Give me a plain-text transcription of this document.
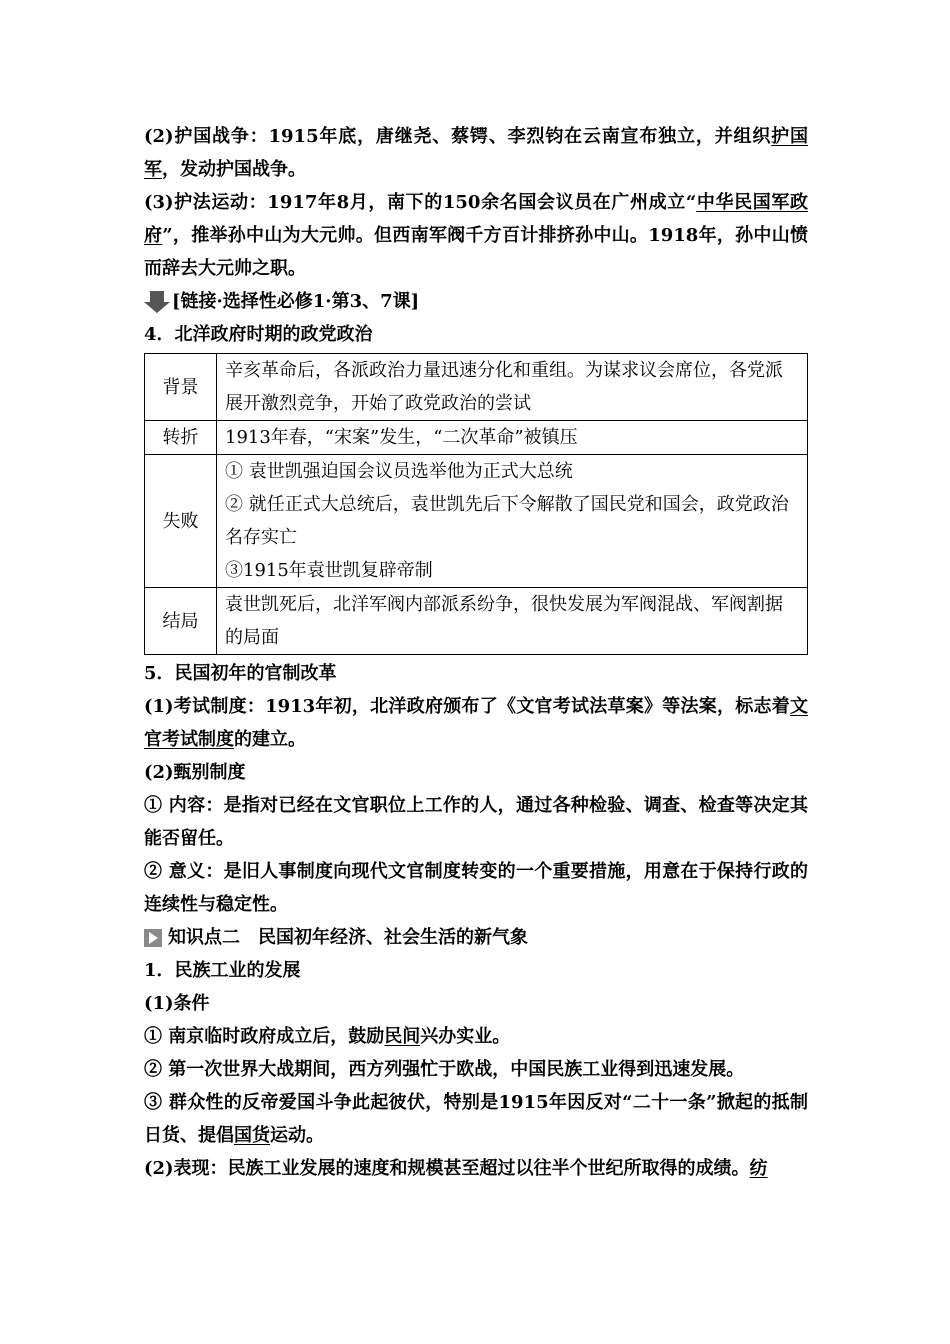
(2)护国战争：1915年底，唐继尧、蔡锷、李烈钧在云南宣布独立，并组织护国军，发动护国战争。

(3)护法运动：1917年8月，南下的150余名国会议员在广州成立“中华民国军政府”，推举孙中山为大元帅。但西南军阀千方百计排挤孙中山。1918年，孙中山愤而辞去大元帅之职。

[链接·选择性必修1·第3、7课]

4．北洋政府时期的政党政治

背景	辛亥革命后，各派政治力量迅速分化和重组。为谋求议会席位，各党派展开激烈竞争，开始了政党政治的尝试

转折	1913年春，“宋案”发生，“二次革命”被镇压

失败	① 袁世凯强迫国会议员选举他为正式大总统
② 就任正式大总统后，袁世凯先后下令解散了国民党和国会，政党政治名存实亡
③1915年袁世凯复辟帝制

结局	袁世凯死后，北洋军阀内部派系纷争，很快发展为军阀混战、军阀割据的局面

5．民国初年的官制改革

(1)考试制度：1913年初，北洋政府颁布了《文官考试法草案》等法案，标志着文官考试制度的建立。

(2)甄别制度

① 内容：是指对已经在文官职位上工作的人，通过各种检验、调查、检查等决定其能否留任。

② 意义：是旧人事制度向现代文官制度转变的一个重要措施，用意在于保持行政的连续性与稳定性。

知识点二 民国初年经济、社会生活的新气象

1．民族工业的发展

(1)条件

① 南京临时政府成立后，鼓励民间兴办实业。

② 第一次世界大战期间，西方列强忙于欧战，中国民族工业得到迅速发展。

③ 群众性的反帝爱国斗争此起彼伏，特别是1915年因反对“二十一条”掀起的抵制日货、提倡国货运动。

(2)表现：民族工业发展的速度和规模甚至超过以往半个世纪所取得的成绩。纺
